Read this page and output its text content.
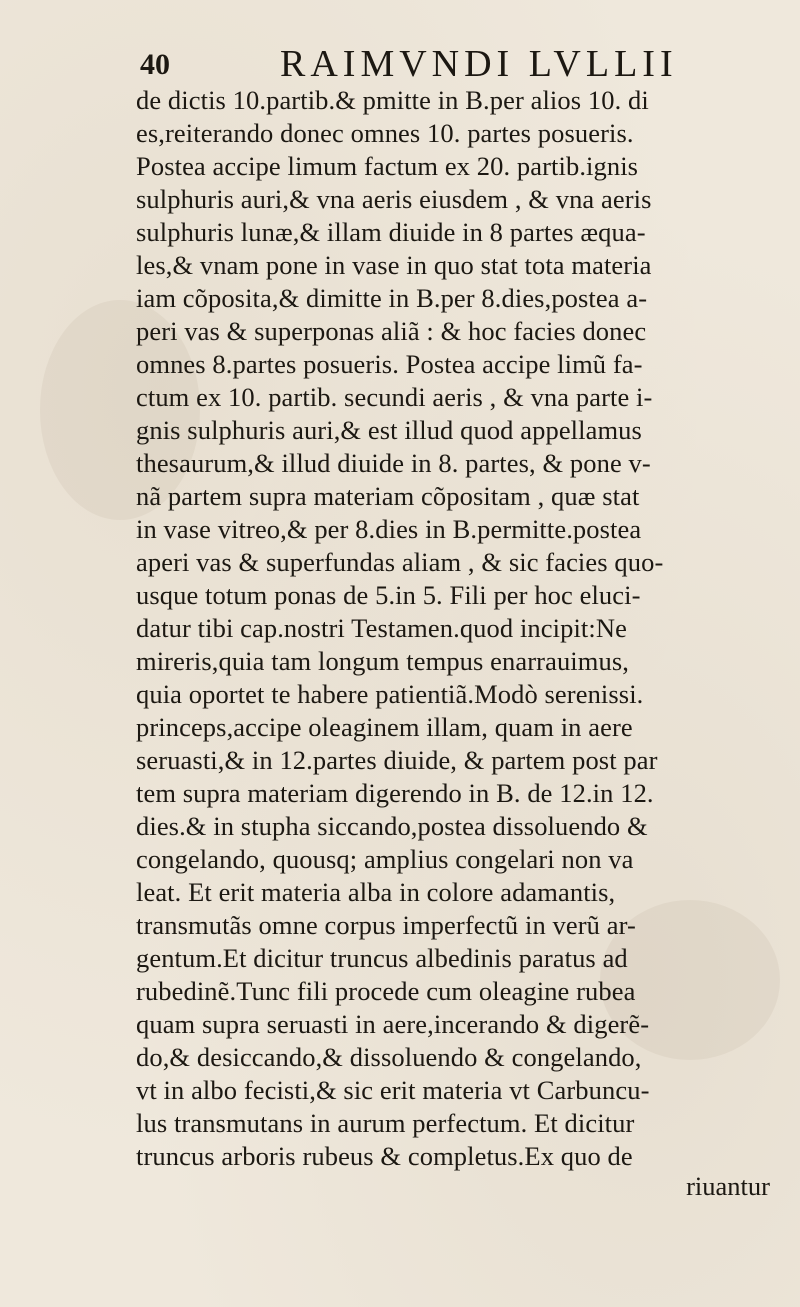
40	RAIMVNDI LVLLII
de dictis 10.partib.& pmitte in B.per alios 10. di
es,reiterando donec omnes 10. partes posueris.
Postea accipe limum factum ex 20. partib.ignis
sulphuris auri,& vna aeris eiusdem , & vna aeris
sulphuris lunæ,& illam diuide in 8 partes æqua-
les,& vnam pone in vase in quo stat tota materia
iam cõposita,& dimitte in B.per 8.dies,postea a-
peri vas & superponas aliã : & hoc facies donec
omnes 8.partes posueris. Postea accipe limũ fa-
ctum ex 10. partib. secundi aeris , & vna parte i-
gnis sulphuris auri,& est illud quod appellamus
thesaurum,& illud diuide in 8. partes, & pone v-
nã partem supra materiam cõpositam , quæ stat
in vase vitreo,& per 8.dies in B.permitte.postea
aperi vas & superfundas aliam , & sic facies quo-
usque totum ponas de 5.in 5. Fili per hoc eluci-
datur tibi cap.nostri Testamen.quod incipit:Ne
mireris,quia tam longum tempus enarrauimus,
quia oportet te habere patientiã.Modò serenissi.
princeps,accipe oleaginem illam, quam in aere
seruasti,& in 12.partes diuide, & partem post par
tem supra materiam digerendo in B. de 12.in 12.
dies.& in stupha siccando,postea dissoluendo &
congelando, quousq; amplius congelari non va
leat. Et erit materia alba in colore adamantis,
transmutãs omne corpus imperfectũ in verũ ar-
gentum.Et dicitur truncus albedinis paratus ad
rubedinẽ.Tunc fili procede cum oleagine rubea
quam supra seruasti in aere,incerando & digerẽ-
do,& desiccando,& dissoluendo & congelando,
vt in albo fecisti,& sic erit materia vt Carbuncu-
lus transmutans in aurum perfectum. Et dicitur
truncus arboris rubeus & completus.Ex quo de
riuantur
